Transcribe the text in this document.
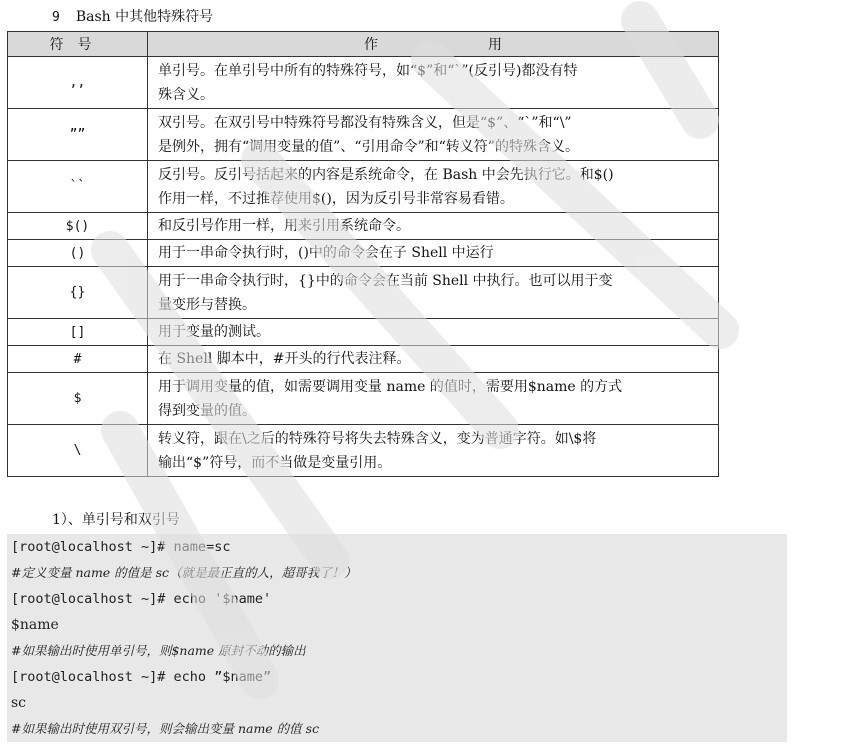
9 Bash 中其他特殊符号
符号	作用
,,	单引号。在单引号中所有的特殊符号，如“$”和“`”(反引号)都没有特
殊含义。

””	双引号。在双引号中特殊符号都没有特殊含义，但是“$”、“`”和“\”
是例外，拥有“调用变量的值”、“引用命令”和“转义符”的特殊含义。

``	反引号。反引号括起来的内容是系统命令，在 Bash 中会先执行它。和$()
作用一样，不过推荐使用$()，因为反引号非常容易看错。

$()	和反引号作用一样，用来引用系统命令。

()	用于一串命令执行时，()中的命令会在子 Shell 中运行

{}	用于一串命令执行时，{}中的命令会在当前 Shell 中执行。也可以用于变
量变形与替换。

[]	用于变量的测试。

#	在 Shell 脚本中，#开头的行代表注释。

$	用于调用变量的值，如需要调用变量 name 的值时，需要用$name 的方式
得到变量的值。

\	转义符，跟在\之后的特殊符号将失去特殊含义，变为普通字符。如\$将
输出“$”符号，而不当做是变量引用。
1）、单引号和双引号
[root@localhost ~]# name=sc
#定义变量 name 的值是 sc（就是最正直的人，超哥我了！）
[root@localhost ~]# echo '$name'
$name
#如果输出时使用单引号，则$name 原封不动的输出
[root@localhost ~]# echo ”$name”
sc
#如果输出时使用双引号，则会输出变量 name 的值 sc
